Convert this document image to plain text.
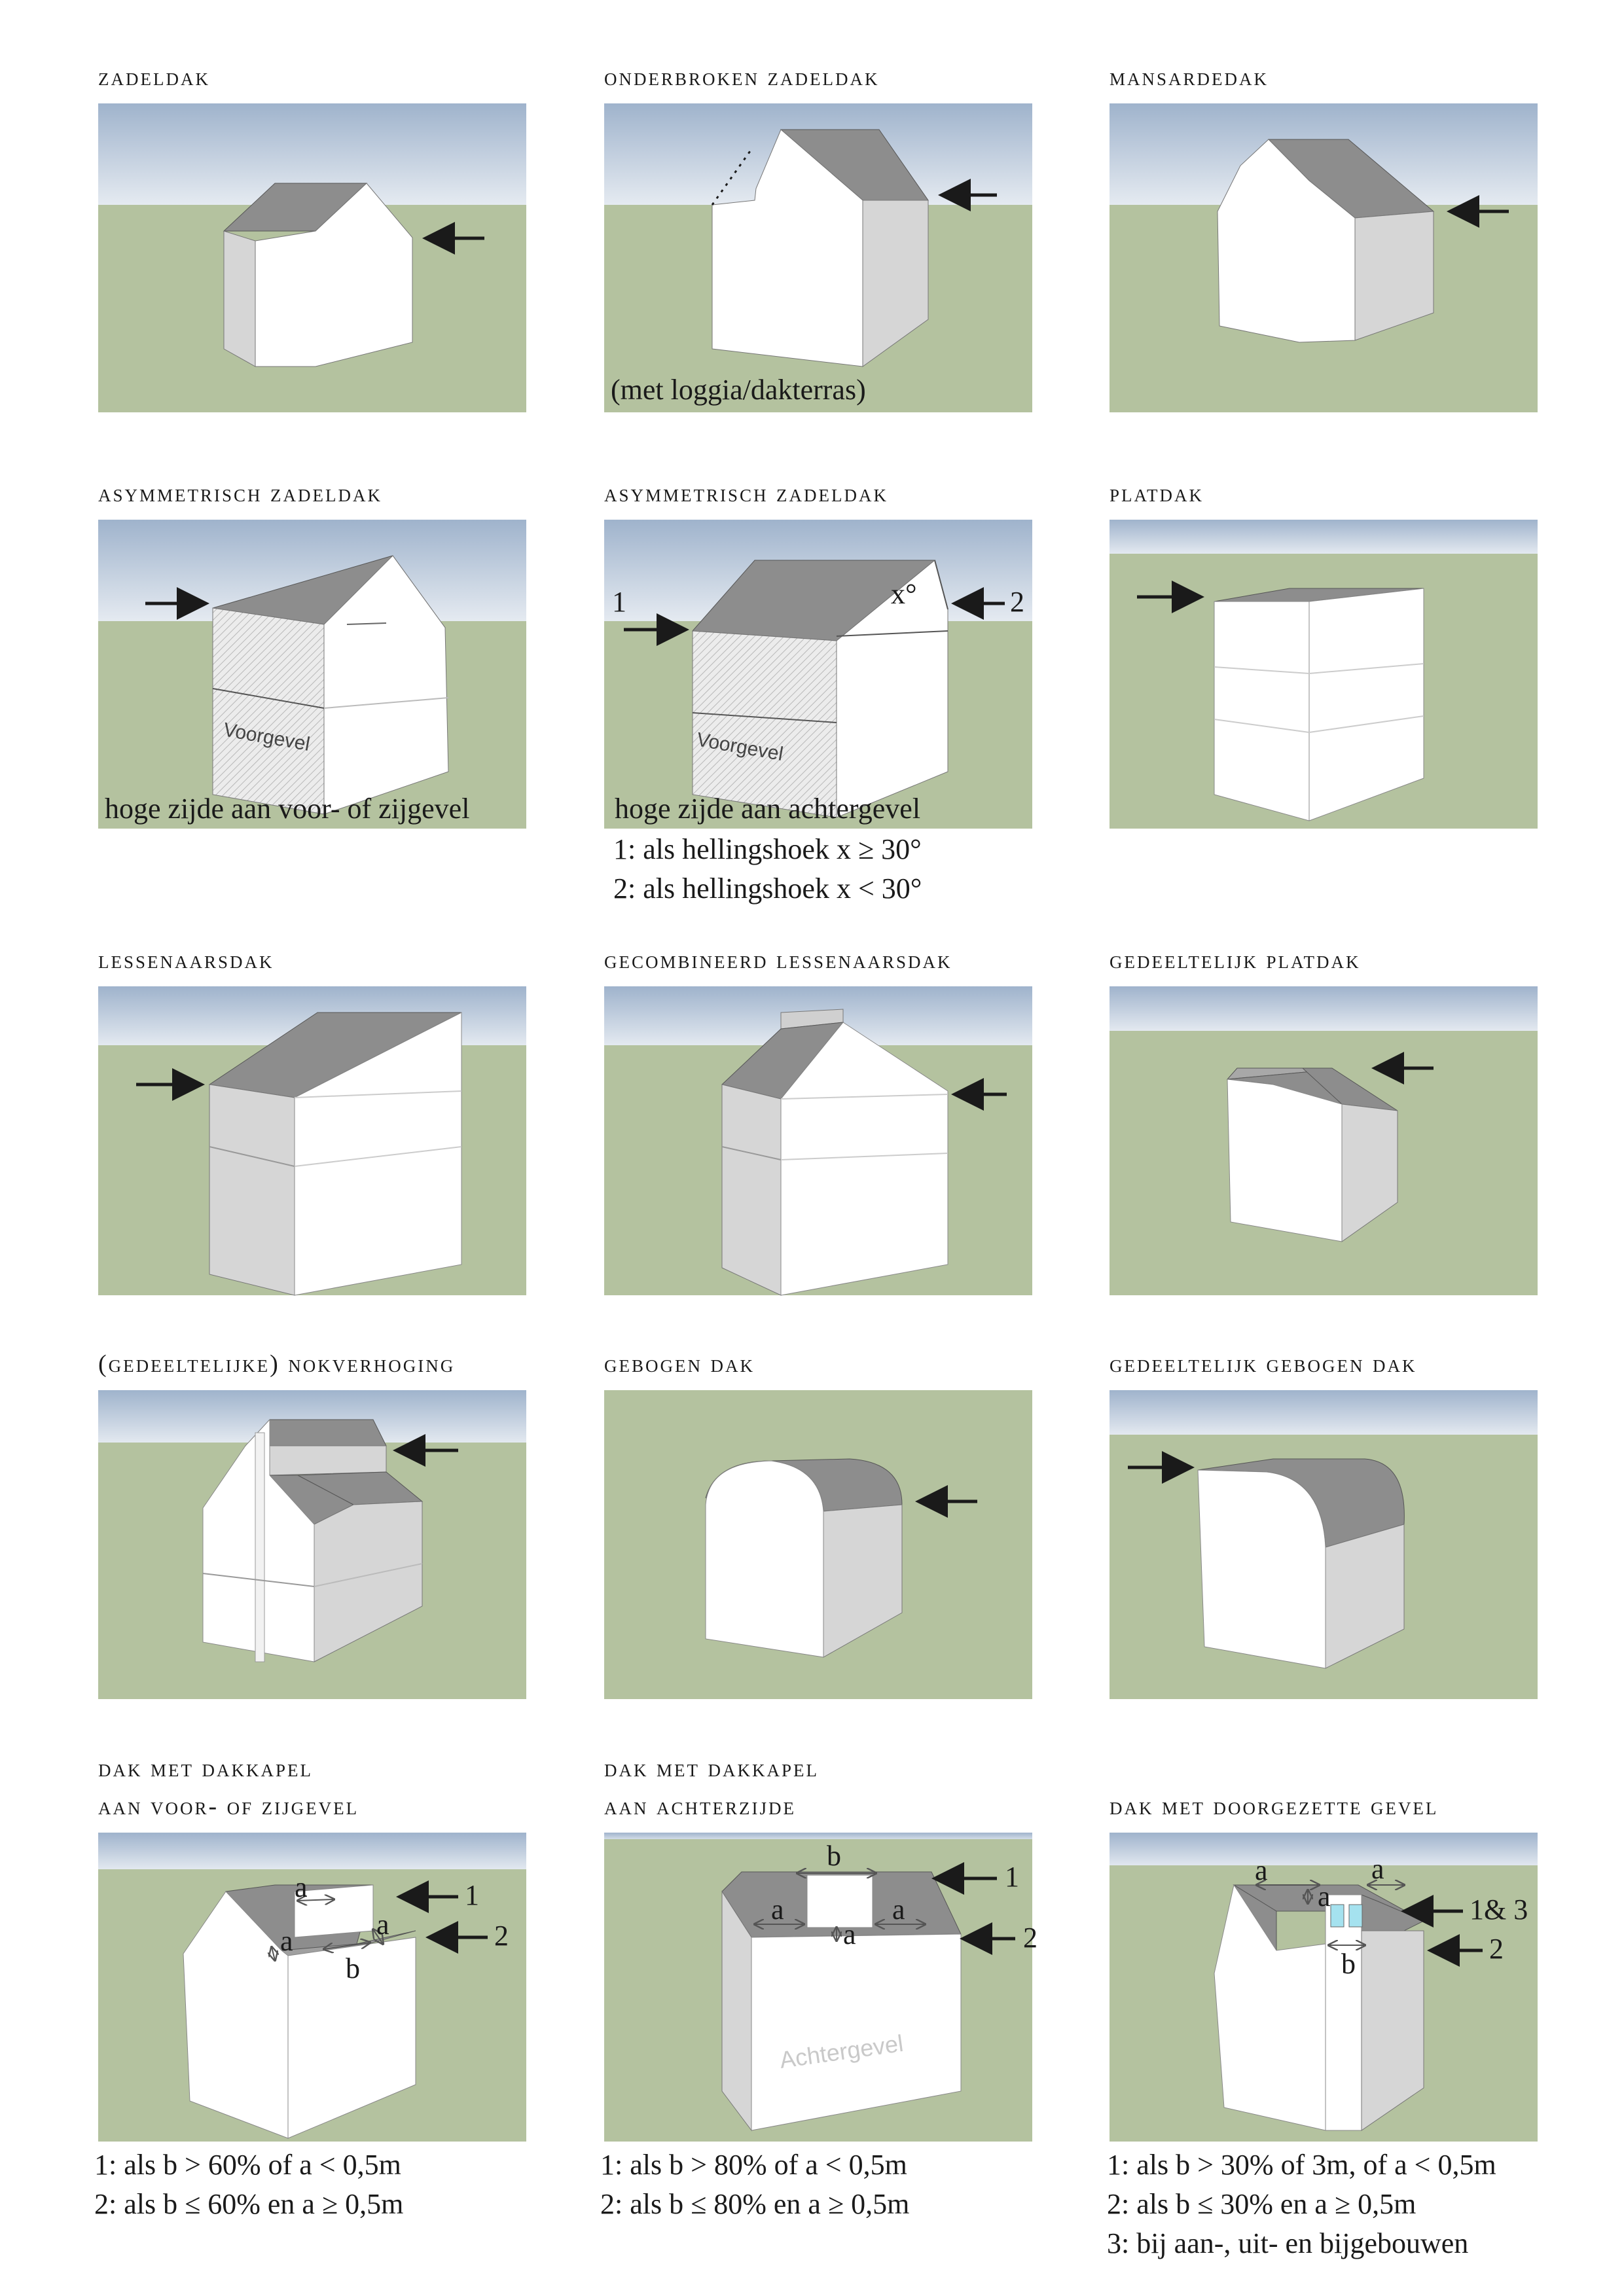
zadeldak	onderbroken zadeldak
(met loggia/dakterras)
mansardedak
asymmetrisch zadeldak
Voorgevel
hoge zijde aan voor- of zijgevel
asymmetrisch zadeldak
Voorgevel
x°
1	2
hoge zijde aan achtergevel
1: als hellingshoek x ≥ 30°
2: als hellingshoek x < 30°
platdak
lessenaarsdak	gecombineerd lessenaarsdak	gedeeltelijk platdak
(gedeeltelijke) nokverhoging	gebogen dak	gedeeltelijk gebogen dak
dak met dakkapel
aan voor- of zijgevel
a
a
a
b
1
2
1: als b > 60% of a < 0,5m
2: als b ≤ 60% en a ≥ 0,5m
dak met dakkapel
aan achterzijde
b
a
a
a
Achtergevel
1
2
1: als b > 80% of a < 0,5m
2: als b ≤ 80% en a ≥ 0,5m
dak met doorgezette gevel
a	a
a
b
1& 3
2
1: als b > 30% of 3m, of a < 0,5m
2: als b ≤ 30% en a ≥ 0,5m
3: bij aan-, uit- en bijgebouwen
